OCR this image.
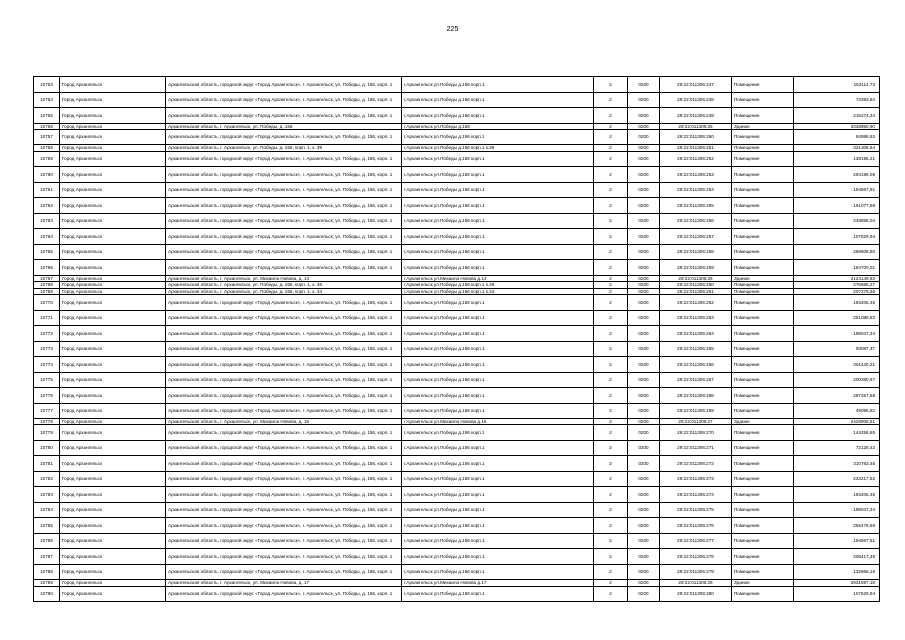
225
10753	Город Архангельск	Архангельская область, городской округ «Город Архангельск», г. Архангельск, ул. Победы, д. 156, корп. 1	г.Архангельск ул.Победы д.156 корп.1	2	0200	29:22:011306:247	Помещение	153114,73
10754	Город Архангельск	Архангельская область, городской округ «Город Архангельск», г. Архангельск, ул. Победы, д. 156, корп. 1	г.Архангельск ул.Победы д.156 корп.1	2	0200	29:22:011306:248	Помещение	73393,84
10755	Город Архангельск	Архангельская область, городской округ «Город Архангельск», г. Архангельск, ул. Победы, д. 156, корп. 1	г.Архангельск ул.Победы д.156 корп.1	2	0200	29:22:011306:249	Помещение	215274,34
10756	Город Архангельск	Архангельская область, г. Архангельск, ул. Победы, д. 156	г.Архангельск ул.Победы д.156	2	0200	29:22:011306:25	Здание	3338850,90
10757	Город Архангельск	Архангельская область, городской округ «Город Архангельск», г. Архангельск, ул. Победы, д. 156, корп. 1	г.Архангельск ул.Победы д.156 корп.1	2	0200	29:22:011306:250	Помещение	94995,63
10758	Город Архангельск	Архангельская область, г. Архангельск, ул. Победы, д. 156, корп. 1, к. 39	г.Архангельск ул.Победы д.156 корп.1 к.39	2	0200	29:22:011306:251	Помещение	331306,64
10759	Город Архангельск	Архангельская область, городской округ «Город Архангельск», г. Архангельск, ул. Победы, д. 156, корп. 1	г.Архангельск ул.Победы д.156 корп.1	2	0200	29:22:011306:252	Помещение	138195,21
10760	Город Архангельск	Архангельская область, городской округ «Город Архангельск», г. Архангельск, ул. Победы, д. 156, корп. 1	г.Архангельск ул.Победы д.156 корп.1	2	0200	29:22:011306:253	Помещение	294198,08
10761	Город Архангельск	Архангельская область, городской округ «Город Архангельск», г. Архангельск, ул. Победы, д. 156, корп. 1	г.Архангельск ул.Победы д.156 корп.1	2	0200	29:22:011306:254	Помещение	194567,91
10762	Город Архангельск	Архангельская область, городской округ «Город Архангельск», г. Архангельск, ул. Победы, д. 156, корп. 1	г.Архангельск ул.Победы д.156 корп.1	2	0200	29:22:011306:255	Помещение	191077,68
10763	Город Архангельск	Архангельская область, городской округ «Город Архангельск», г. Архангельск, ул. Победы, д. 156, корп. 1	г.Архангельск ул.Победы д.156 корп.1	2	0200	29:22:011306:256	Помещение	248858,04
10764	Город Архангельск	Архангельская область, городской округ «Город Архангельск», г. Архангельск, ул. Победы, д. 156, корп. 1	г.Архангельск ул.Победы д.156 корп.1	2	0200	29:22:011306:257	Помещение	107529,94
10765	Город Архангельск	Архангельская область, городской округ «Город Архангельск», г. Архангельск, ул. Победы, д. 156, корп. 1	г.Архангельск ул.Победы д.156 корп.1	2	0200	29:22:011306:258	Помещение	269606,50
10766	Город Архангельск	Архангельская область, городской округ «Город Архангельск», г. Архангельск, ул. Победы, д. 156, корп. 1	г.Архангельск ул.Победы д.156 корп.1	2	0200	29:22:011306:259	Помещение	184700,01
10767	Город Архангельск	Архангельская область, г. Архангельск, ул. Михаила Новова, д. 14	г.Архангельск ул.Михаила Новова д.14	2	0200	29:22:011306:26	Здание	2124149,83
10768	Город Архангельск	Архангельская область, г. Архангельск, ул. Победы, д. 156, корп. 1, к. 36	г.Архангельск ул.Победы д.156 корп.1 к.36	2	0200	29:22:011306:260	Помещение	276685,27
10769	Город Архангельск	Архангельская область, г. Архангельск, ул. Победы, д. 156, корп. 1, к. 34	г.Архангельск ул.Победы д.156 корп.1 к.34	2	0200	29:22:011306:261	Помещение	207276,36
10770	Город Архангельск	Архангельская область, городской округ «Город Архангельск», г. Архангельск, ул. Победы, д. 156, корп. 1	г.Архангельск ул.Победы д.156 корп.1	2	0200	29:22:011306:262	Помещение	193405,46
10771	Город Архангельск	Архангельская область, городской округ «Город Архангельск», г. Архангельск, ул. Победы, д. 156, корп. 1	г.Архангельск ул.Победы д.156 корп.1	2	0200	29:22:011306:263	Помещение	251089,52
10772	Город Архангельск	Архангельская область, городской округ «Город Архангельск», г. Архангельск, ул. Победы, д. 156, корп. 1	г.Архангельск ул.Победы д.156 корп.1	2	0200	29:22:011306:264	Помещение	198047,34
10773	Город Архангельск	Архангельская область, городской округ «Город Архангельск», г. Архангельск, ул. Победы, д. 156, корп. 1	г.Архангельск ул.Победы д.156 корп.1	2	0200	29:22:011306:265	Помещение	93087,47
10774	Город Архангельск	Архангельская область, городской округ «Город Архангельск», г. Архангельск, ул. Победы, д. 156, корп. 1	г.Архангельск ул.Победы д.156 корп.1	2	0200	29:22:011306:266	Помещение	301440,21
10775	Город Архангельск	Архангельская область, городской округ «Город Архангельск», г. Архангельск, ул. Победы, д. 156, корп. 1	г.Архангельск ул.Победы д.156 корп.1	2	0200	29:22:011306:267	Помещение	200380,67
10776	Город Архангельск	Архангельская область, городской округ «Город Архангельск», г. Архангельск, ул. Победы, д. 156, корп. 1	г.Архангельск ул.Победы д.156 корп.1	2	0200	29:22:011306:268	Помещение	297257,58
10777	Город Архангельск	Архангельская область, городской округ «Город Архангельск», г. Архангельск, ул. Победы, д. 156, корп. 1	г.Архангельск ул.Победы д.156 корп.1	2	0200	29:22:011306:269	Помещение	49095,62
10778	Город Архангельск	Архангельская область, г. Архангельск, ул. Михаила Новова, д. 16	г.Архангельск ул.Михаила Новова д.16	2	0200	29:22:011306:27	Здание	2426905,51
10779	Город Архангельск	Архангельская область, городской округ «Город Архангельск», г. Архангельск, ул. Победы, д. 156, корп. 1	г.Архангельск ул.Победы д.156 корп.1	2	0200	29:22:011306:270	Помещение	144256,85
10780	Город Архангельск	Архангельская область, городской округ «Город Архангельск», г. Архангельск, ул. Победы, д. 156, корп. 1	г.Архангельск ул.Победы д.156 корп.1	2	0200	29:22:011306:271	Помещение	72128,43
10781	Город Архангельск	Архангельская область, городской округ «Город Архангельск», г. Архангельск, ул. Победы, д. 156, корп. 1	г.Архангельск ул.Победы д.156 корп.1	2	0200	29:22:011306:272	Помещение	310783,46
10782	Город Архангельск	Архангельская область, городской округ «Город Архангельск», г. Архангельск, ул. Победы, д. 156, корп. 1	г.Архангельск ул.Победы д.156 корп.1	2	0200	29:22:011306:273	Помещение	223217,52
10783	Город Архангельск	Архангельская область, городской округ «Город Архангельск», г. Архангельск, ул. Победы, д. 156, корп. 1	г.Архангельск ул.Победы д.156 корп.1	2	0200	29:22:011306:274	Помещение	193405,46
10784	Город Архангельск	Архангельская область, городской округ «Город Архангельск», г. Архангельск, ул. Победы, д. 156, корп. 1	г.Архангельск ул.Победы д.156 корп.1	2	0200	29:22:011306:275	Помещение	198047,34
10785	Город Архангельск	Архангельская область, городской округ «Город Архангельск», г. Архангельск, ул. Победы, д. 156, корп. 1	г.Архангельск ул.Победы д.156 корп.1	2	0200	29:22:011306:276	Помещение	255478,69
10786	Город Архангельск	Архангельская область, городской округ «Город Архангельск», г. Архангельск, ул. Победы, д. 156, корп. 1	г.Архангельск ул.Победы д.156 корп.1	2	0200	29:22:011306:277	Помещение	194567,51
10787	Город Архангельск	Архангельская область, городской округ «Город Архангельск», г. Архангельск, ул. Победы, д. 156, корп. 1	г.Архангельск ул.Победы д.156 корп.1	2	0200	29:22:011306:278	Помещение	208417,48
10788	Город Архангельск	Архангельская область, городской округ «Город Архангельск», г. Архангельск, ул. Победы, д. 156, корп. 1	г.Архангельск ул.Победы д.156 корп.1	2	0200	29:22:011306:279	Помещение	132866,16
10789	Город Архангельск	Архангельская область, г. Архангельск, ул. Михаила Новова, д. 17	г.Архангельск ул.Михаила Новова д.17	2	0200	29:22:011306:28	Здание	2931597,18
10790	Город Архангельск	Архангельская область, городской округ «Город Архангельск», г. Архангельск, ул. Победы, д. 156, корп. 1	г.Архангельск ул.Победы д.156 корп.1	2	0200	29:22:011306:280	Помещение	107529,94
